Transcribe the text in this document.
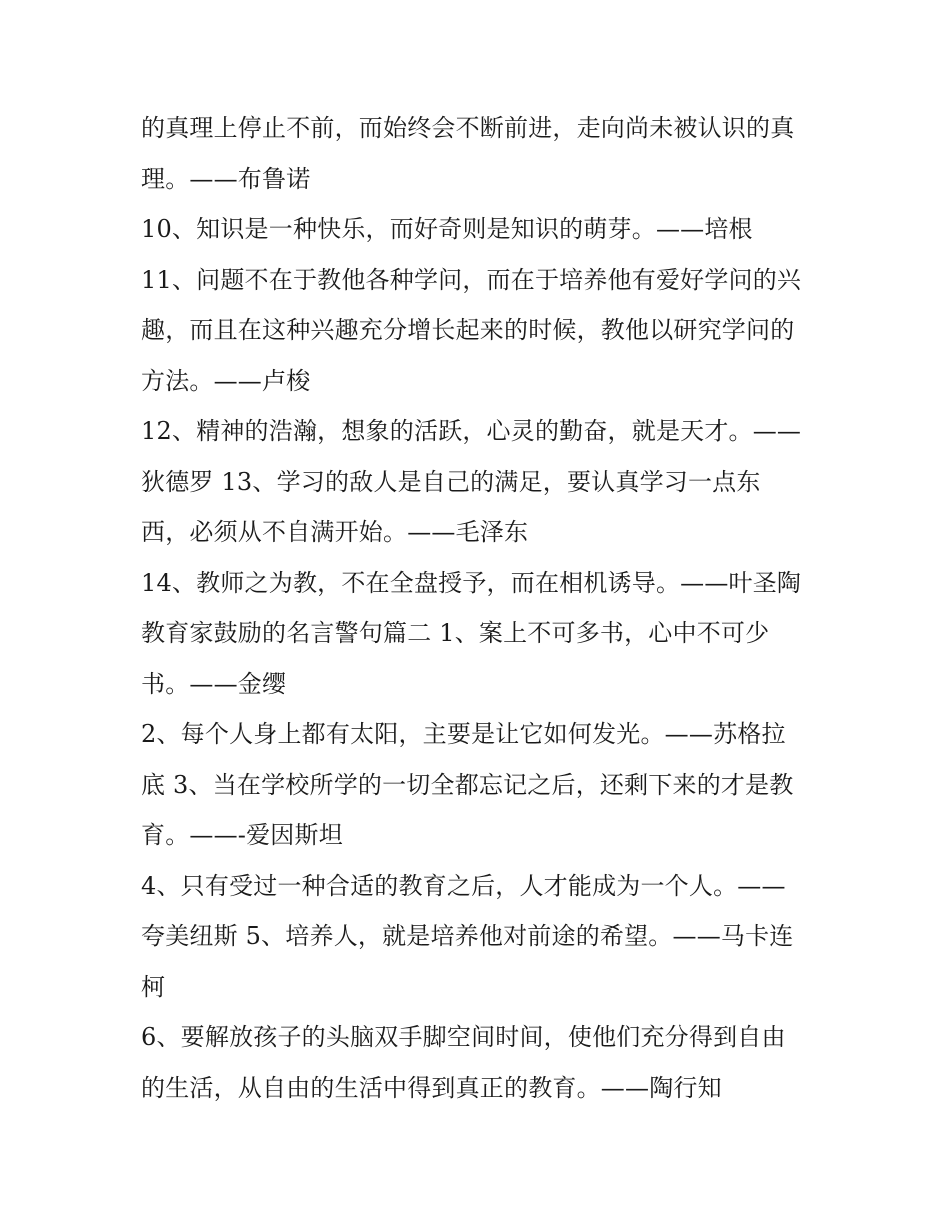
的真理上停止不前，而始终会不断前进，走向尚未被认识的真
理。——布鲁诺
10、知识是一种快乐，而好奇则是知识的萌芽。——培根
11、问题不在于教他各种学问，而在于培养他有爱好学问的兴
趣，而且在这种兴趣充分增长起来的时候，教他以研究学问的
方法。——卢梭
12、精神的浩瀚，想象的活跃，心灵的勤奋，就是天才。——
狄德罗 13、学习的敌人是自己的满足，要认真学习一点东
西，必须从不自满开始。——毛泽东
14、教师之为教，不在全盘授予，而在相机诱导。——叶圣陶
教育家鼓励的名言警句篇二 1、案上不可多书，心中不可少
书。——金缨
2、每个人身上都有太阳，主要是让它如何发光。——苏格拉
底 3、当在学校所学的一切全都忘记之后，还剩下来的才是教
育。——-爱因斯坦
4、只有受过一种合适的教育之后，人才能成为一个人。——
夸美纽斯 5、培养人，就是培养他对前途的希望。——马卡连
柯
6、要解放孩子的头脑双手脚空间时间，使他们充分得到自由
的生活，从自由的生活中得到真正的教育。——陶行知
